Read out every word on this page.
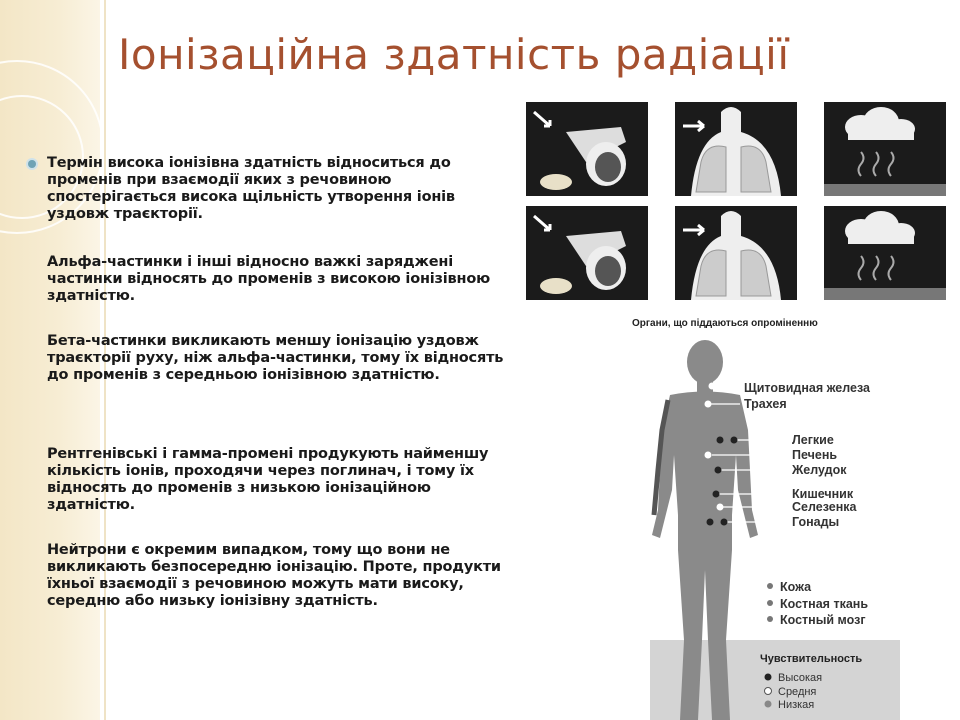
Іонізаційна здатність радіації

Термін висока іонізівна здатність відноситься до променів при взаємодії яких з речовиною спостерігається висока щільність утворення іонів уздовж траєкторії.

Альфа-частинки і інші відносно важкі заряджені частинки відносять до променів з високою іонізівною здатністю.

Бета-частинки викликають меншу іонізацію уздовж траєкторії руху, ніж альфа-частинки, тому їх відносять до променів з середньою іонізівною здатністю.

Рентгенівські і гамма-промені продукують найменшу кількість іонів, проходячи через поглинач, і тому їх відносять до променів з низькою іонізаційною здатністю.

Нейтрони є окремим випадком, тому що вони не викликають безпосередню іонізацію. Проте, продукти їхньої взаємодії з речовиною можуть мати високу, середню або низьку іонізівну здатність.

Органи, що піддаються опроміненню
Щитовидная железа
Трахея
Легкие
Печень
Желудок
Кишечник
Селезенка
Гонады
Кожа
Костная ткань
Костный мозг
Чувствительность
Высокая
Средня
Низкая
